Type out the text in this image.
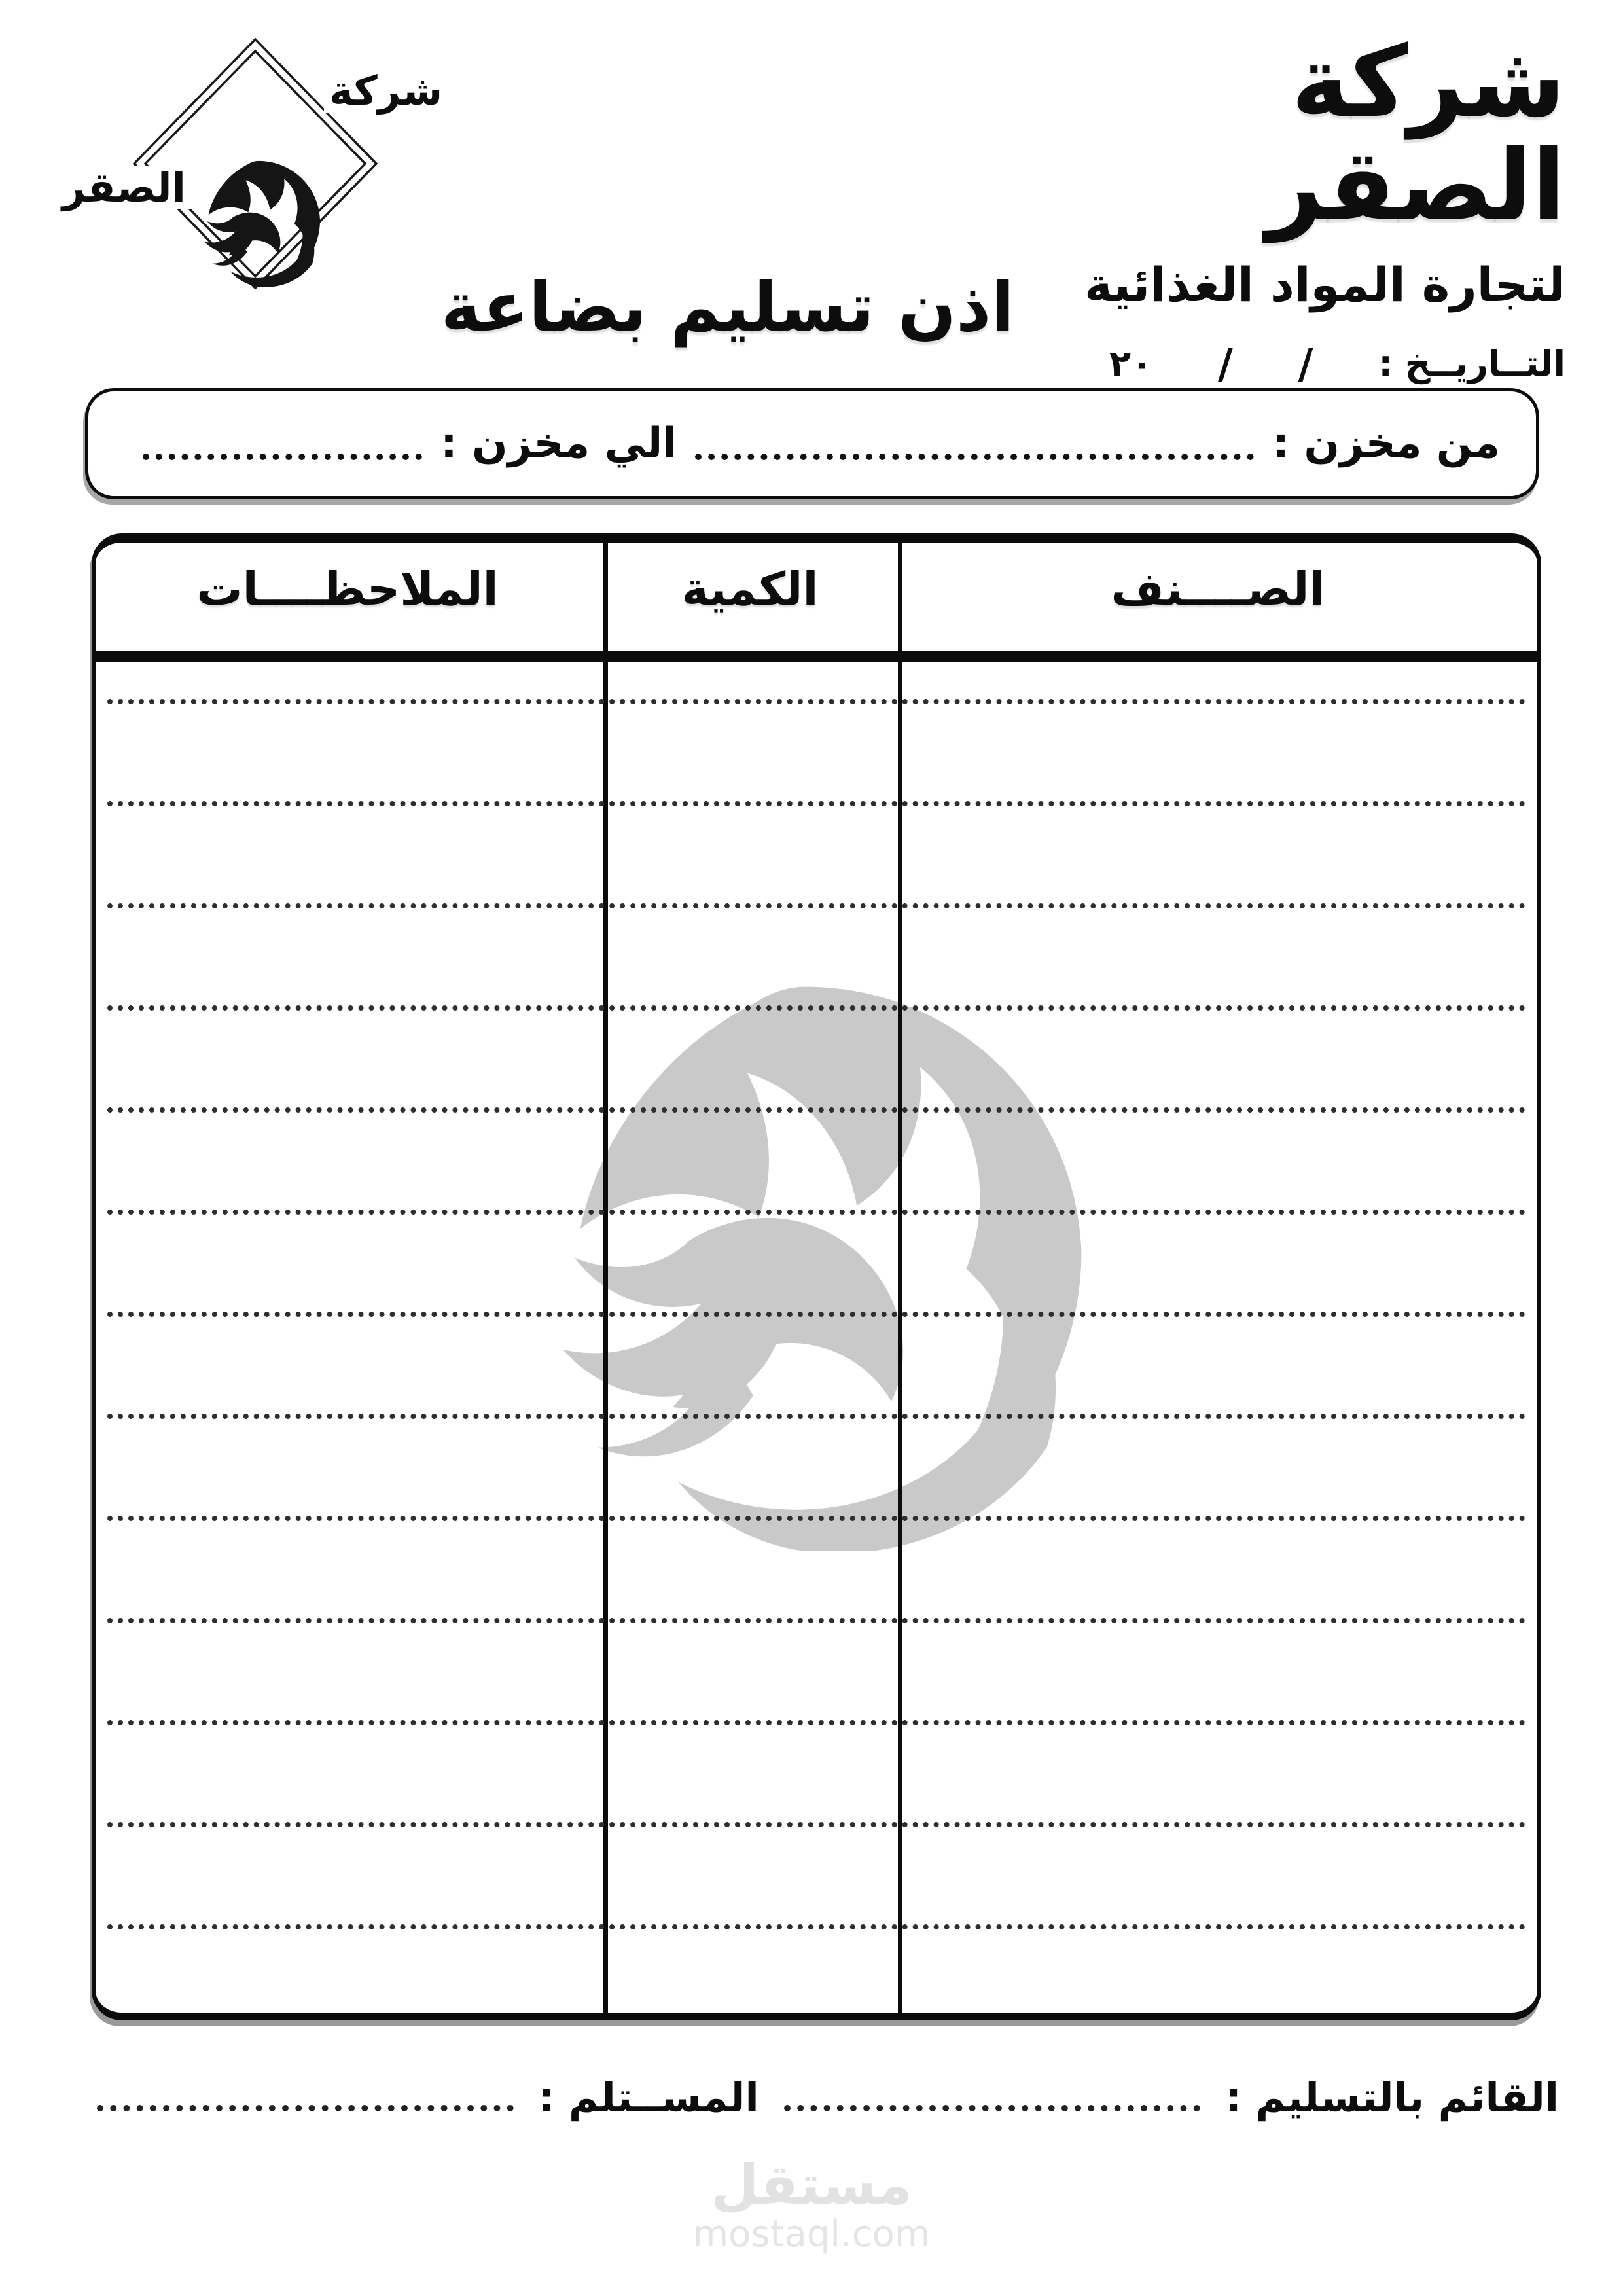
شركة
الصقر
شركة الصقر
لتجارة المواد الغذائية
التــاريــخ :
/
/
٢٠
اذن تسليم بضاعة
من مخزن :
الي مخزن :
الصــــنف
الكمية
الملاحظــــات
القائم بالتسليم :
المســتلم :
مستقل
mostaql.com
